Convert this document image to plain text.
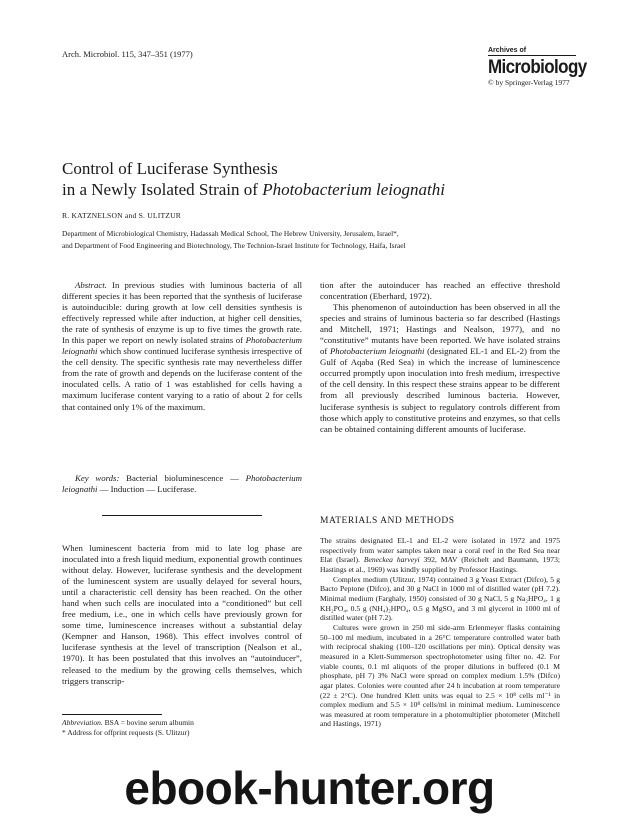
Arch. Microbiol. 115, 347–351 (1977)	Archives of
Microbiology
© by Springer-Verlag 1977
Control of Luciferase Synthesis
in a Newly Isolated Strain of Photobacterium leiognathi
R. KATZNELSON and S. ULITZUR
Department of Microbiological Chemistry, Hadassah Medical School, The Hebrew University, Jerusalem, Israel*,
and Department of Food Engineering and Biotechnology, The Technion-Israel Institute for Technology, Haifa, Israel

Abstract. In previous studies with luminous bacteria of all different species it has been reported that the synthesis of luciferase is autoinducible: during growth at low cell densities synthesis is effectively repressed while after induction, at higher cell densities, the rate of synthesis of enzyme is up to five times the growth rate. In this paper we report on newly isolated strains of Photobacterium leiognathi which show continued luciferase synthesis irrespective of the cell density. The specific synthesis rate may nevertheless differ from the rate of growth and depends on the luciferase content of the inoculated cells. A ratio of 1 was established for cells having a maximum luciferase content varying to a ratio of about 2 for cells that contained only 1% of the maximum.

Key words: Bacterial bioluminescence — Photobacterium leiognathi — Induction — Luciferase.

When luminescent bacteria from mid to late log phase are inoculated into a fresh liquid medium, exponential growth continues without delay. However, luciferase synthesis and the development of the luminescent system are usually delayed for several hours, until a characteristic cell density has been reached. On the other hand when such cells are inoculated into a “conditioned” but cell free medium, i.e., one in which cells have previously grown for some time, luminescence increases without a substantial delay (Kempner and Hanson, 1968). This effect involves control of luciferase synthesis at the level of transcription (Nealson et al., 1970). It has been postulated that this involves an “autoinducer”, released to the medium by the growing cells themselves, which triggers transcrip-

Abbreviation. BSA = bovine serum albumin
* Address for offprint requests (S. Ulitzur)

tion after the autoinducer has reached an effective threshold concentration (Eberhard, 1972).

This phenomenon of autoinduction has been observed in all the species and strains of luminous bacteria so far described (Hastings and Mitchell, 1971; Hastings and Nealson, 1977), and no “constitutive” mutants have been reported. We have isolated strains of Photobacterium leiognathi (designated EL-1 and EL-2) from the Gulf of Aqaba (Red Sea) in which the increase of luminescence occurred promptly upon inoculation into fresh medium, irrespective of the cell density. In this respect these strains appear to be different from all previously described luminous bacteria. However, luciferase synthesis is subject to regulatory controls different from those which apply to constitutive proteins and enzymes, so that cells can be obtained containing different amounts of luciferase.

MATERIALS AND METHODS

The strains designated EL-1 and EL-2 were isolated in 1972 and 1975 respectively from water samples taken near a coral reef in the Red Sea near Elat (Israel). Beneckea harveyi 392, MAV (Reichelt and Baumann, 1973; Hastings et al., 1969) was kindly supplied by Professor Hastings.

Complex medium (Ulitzur, 1974) contained 3 g Yeast Extract (Difco), 5 g Bacto Peptone (Difco), and 30 g NaCl in 1000 ml of distilled water (pH 7.2). Minimal medium (Farghaly, 1950) consisted of 30 g NaCl, 5 g Na₂HPO₄, 1 g KH₂PO₄, 0.5 g (NH₄)₂HPO₄, 0.5 g MgSO₄ and 3 ml glycerol in 1000 ml of distilled water (pH 7.2).

Cultures were grown in 250 ml side-arm Erlenmeyer flasks containing 50–100 ml medium, incubated in a 26°C temperature controlled water bath with reciprocal shaking (100–120 oscillations per min). Optical density was measured in a Klett-Summerson spectrophotometer using filter no. 42. For viable counts, 0.1 ml aliquots of the proper dilutions in buffered (0.1 M phosphate, pH 7) 3% NaCl were spread on complex medium 1.5% (Difco) agar plates. Colonies were counted after 24 h incubation at room temperature (22 ± 2°C). One hundred Klett units was equal to 2.5 × 10⁸ cells ml⁻¹ in complex medium and 5.5 × 10⁸ cells/ml in minimal medium. Luminescence was measured at room temperature in a photomultiplier photometer (Mitchell and Hastings, 1971)

ebook-hunter.org
